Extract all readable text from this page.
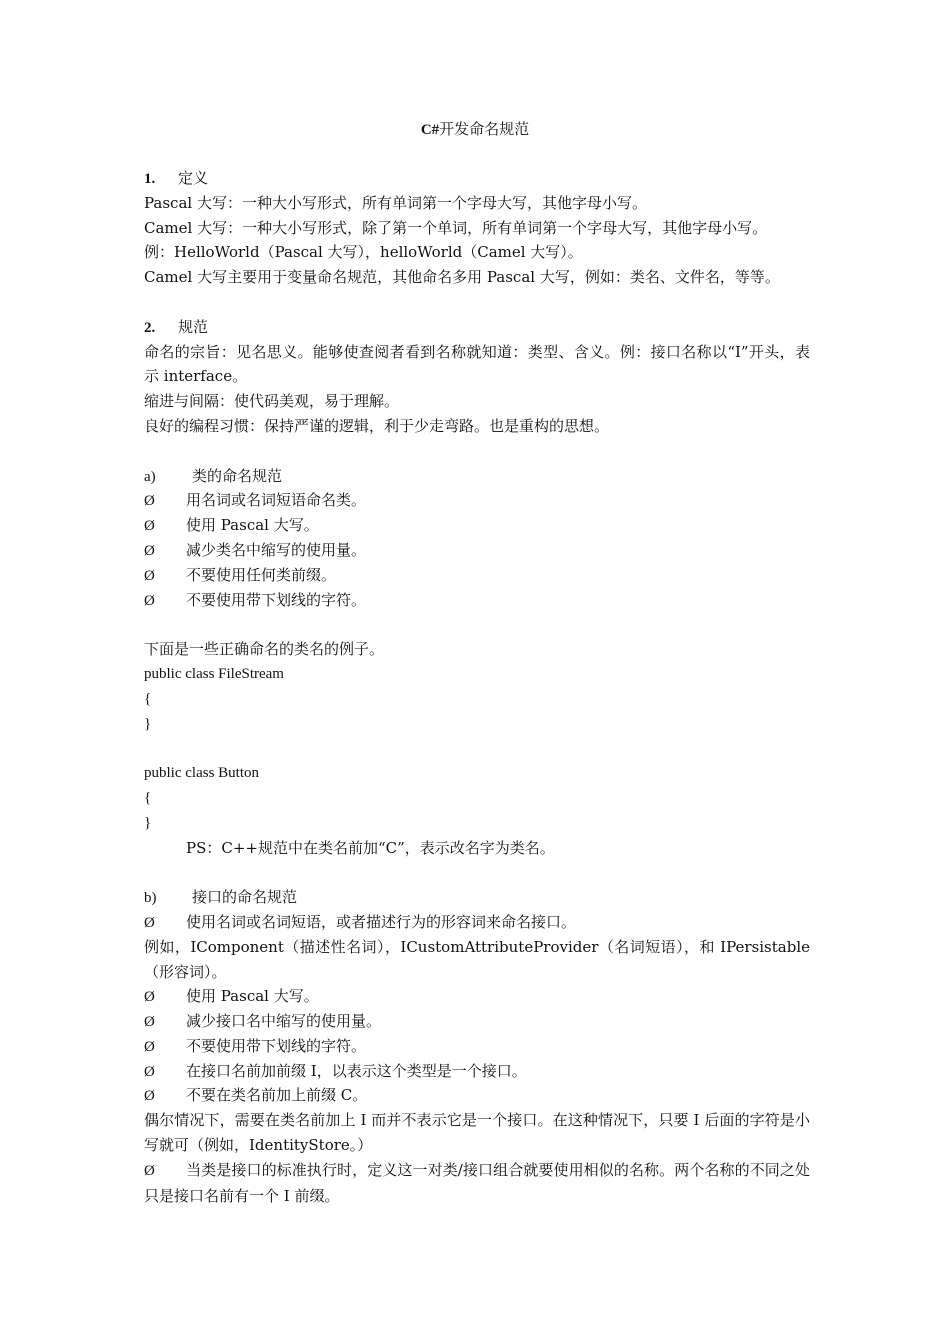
C#开发命名规范
1. 定义
Pascal 大写：一种大小写形式，所有单词第一个字母大写，其他字母小写。
Camel 大写：一种大小写形式，除了第一个单词，所有单词第一个字母大写，其他字母小写。
例：HelloWorld（Pascal 大写），helloWorld（Camel 大写）。
Camel 大写主要用于变量命名规范，其他命名多用 Pascal 大写，例如：类名、文件名，等等。
2. 规范
命名的宗旨：见名思义。能够使查阅者看到名称就知道：类型、含义。例：接口名称以“I”开头，表示 interface。
缩进与间隔：使代码美观，易于理解。
良好的编程习惯：保持严谨的逻辑，利于少走弯路。也是重构的思想。
a) 类的命名规范
Ø 用名词或名词短语命名类。
Ø 使用 Pascal 大写。
Ø 减少类名中缩写的使用量。
Ø 不要使用任何类前缀。
Ø 不要使用带下划线的字符。
下面是一些正确命名的类名的例子。
public class FileStream
{
}
public class Button
{
}
PS：C++规范中在类名前加“C”，表示改名字为类名。
b) 接口的命名规范
Ø 使用名词或名词短语，或者描述行为的形容词来命名接口。
例如，IComponent（描述性名词），ICustomAttributeProvider（名词短语），和 IPersistable（形容词）。
Ø 使用 Pascal 大写。
Ø 减少接口名中缩写的使用量。
Ø 不要使用带下划线的字符。
Ø 在接口名前加前缀 I，以表示这个类型是一个接口。
Ø 不要在类名前加上前缀 C。
偶尔情况下，需要在类名前加上 I 而并不表示它是一个接口。在这种情况下，只要 I 后面的字符是小写就可（例如，IdentityStore。）
Ø 当类是接口的标准执行时，定义这一对类/接口组合就要使用相似的名称。两个名称的不同之处只是接口名前有一个 I 前缀。
